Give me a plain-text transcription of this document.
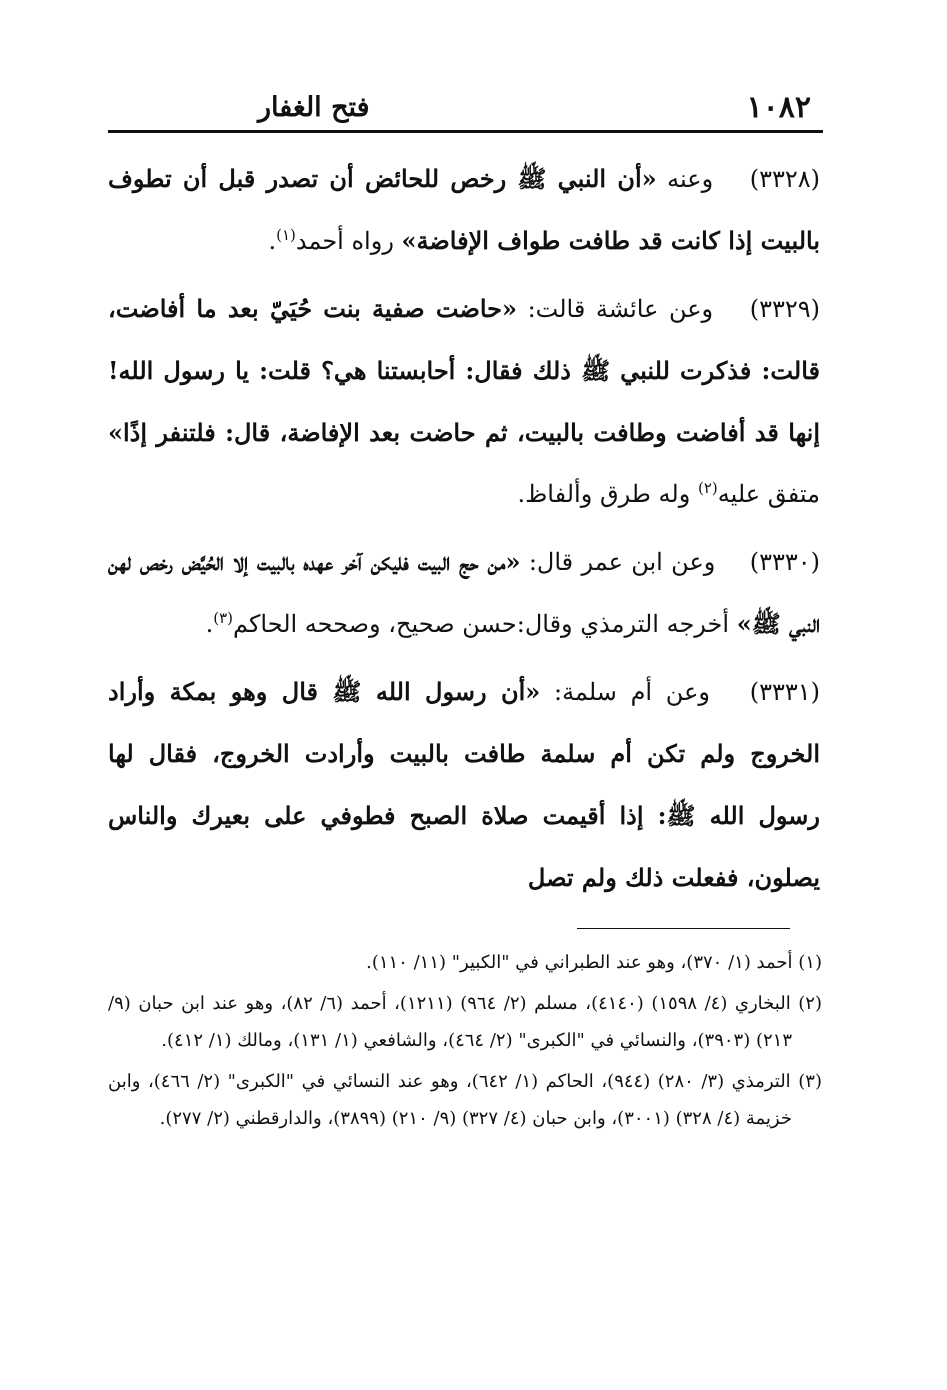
١٠٨٢
فتح الغفار

(٣٣٢٨) وعنه «أن النبي ﷺ رخص للحائض أن تصدر قبل أن تطوف بالبيت إذا كانت قد طافت طواف الإفاضة» رواه أحمد$^{(١)}$.

(٣٣٢٩) وعن عائشة قالت: «حاضت صفية بنت حُيَيّ بعد ما أفاضت، قالت: فذكرت للنبي ﷺ ذلك فقال: أحابستنا هي؟ قلت: يا رسول الله! إنها قد أفاضت وطافت بالبيت، ثم حاضت بعد الإفاضة، قال: فلتنفر إذًا» متفق عليه$^{(٢)}$ وله طرق وألفاظ.

(٣٣٣٠) وعن ابن عمر قال: «من حج البيت فليكن آخر عهده بالبيت إلا الحُيَّض رخص لهن النبي ﷺ» أخرجه الترمذي وقال:حسن صحيح، وصححه الحاكم$^{(٣)}$.

(٣٣٣١) وعن أم سلمة: «أن رسول الله ﷺ قال وهو بمكة وأراد الخروج ولم تكن أم سلمة طافت بالبيت وأرادت الخروج، فقال لها رسول الله ﷺ: إذا أقيمت صلاة الصبح فطوفي على بعيرك والناس يصلون، ففعلت ذلك ولم تصل

(١) أحمد (١/ ٣٧٠)، وهو عند الطبراني في "الكبير" (١١/ ١١٠).

(٢) البخاري (٤/ ١٥٩٨) (٤١٤٠)، مسلم (٢/ ٩٦٤) (١٢١١)، أحمد (٦/ ٨٢)، وهو عند ابن حبان (٩/ ٢١٣) (٣٩٠٣)، والنسائي في "الكبرى" (٢/ ٤٦٤)، والشافعي (١/ ١٣١)، ومالك (١/ ٤١٢).

(٣) الترمذي (٣/ ٢٨٠) (٩٤٤)، الحاكم (١/ ٦٤٢)، وهو عند النسائي في "الكبرى" (٢/ ٤٦٦)، وابن خزيمة (٤/ ٣٢٨) (٣٠٠١)، وابن حبان (٤/ ٣٢٧) (٩/ ٢١٠) (٣٨٩٩)، والدارقطني (٢/ ٢٧٧).
